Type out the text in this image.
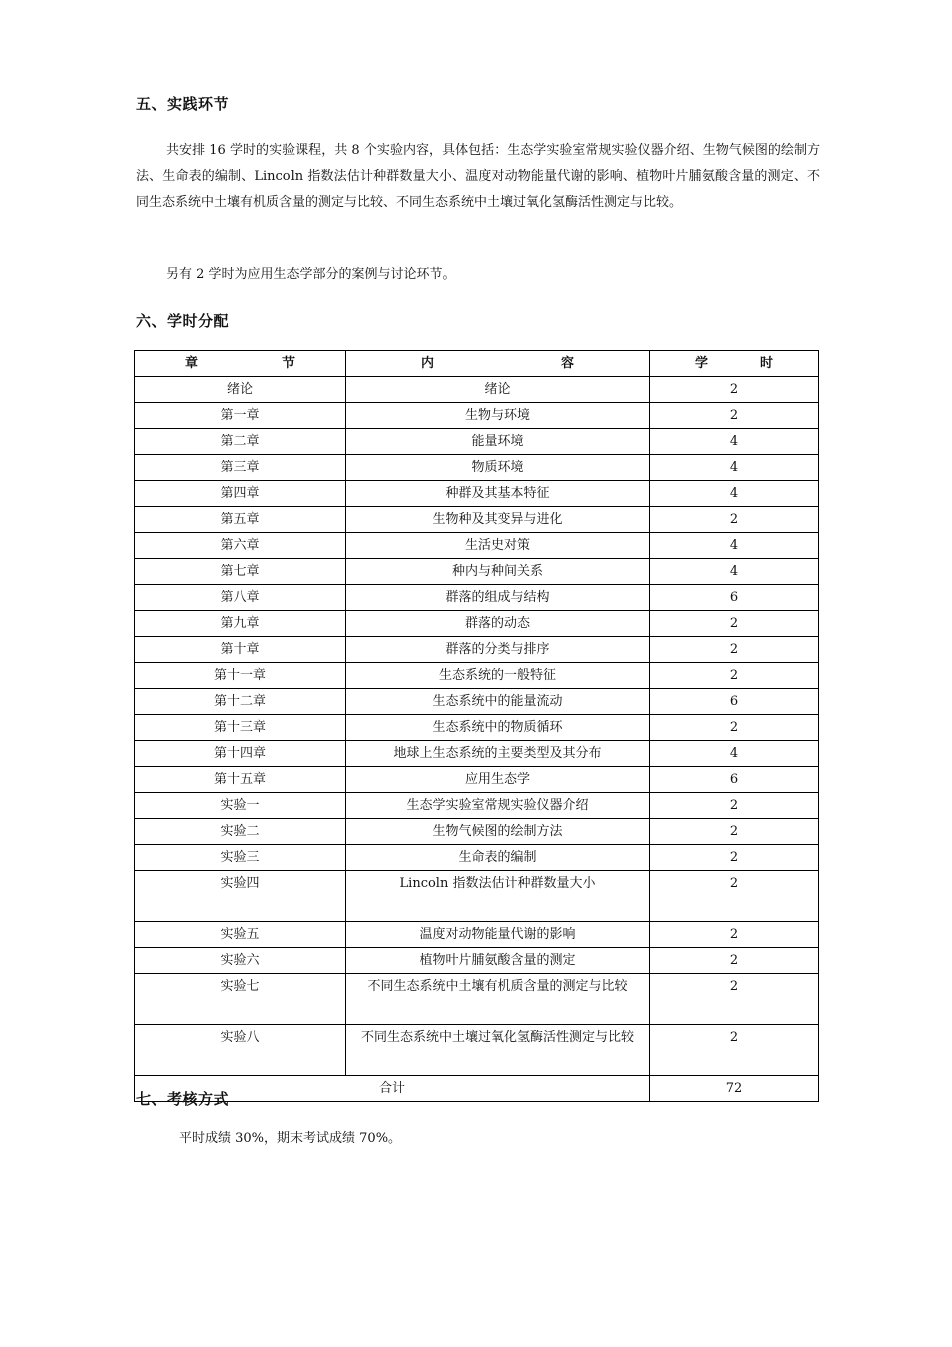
五、实践环节

共安排 16 学时的实验课程，共 8 个实验内容，具体包括：生态学实验室常规实验仪器介绍、生物气候图的绘制方法、生命表的编制、Lincoln 指数法估计种群数量大小、温度对动物能量代谢的影响、植物叶片脯氨酸含量的测定、不同生态系统中土壤有机质含量的测定与比较、不同生态系统中土壤过氧化氢酶活性测定与比较。

另有 2 学时为应用生态学部分的案例与讨论环节。

六、学时分配
章 节	内 容	学 时

绪论	绪论	2
第一章	生物与环境	2
第二章	能量环境	4
第三章	物质环境	4
第四章	种群及其基本特征	4
第五章	生物种及其变异与进化	2
第六章	生活史对策	4
第七章	种内与种间关系	4
第八章	群落的组成与结构	6
第九章	群落的动态	2
第十章	群落的分类与排序	2
第十一章	生态系统的一般特征	2
第十二章	生态系统中的能量流动	6
第十三章	生态系统中的物质循环	2
第十四章	地球上生态系统的主要类型及其分布	4
第十五章	应用生态学	6
实验一	生态学实验室常规实验仪器介绍	2
实验二	生物气候图的绘制方法	2
实验三	生命表的编制	2
实验四	Lincoln 指数法估计种群数量大小	2
实验五	温度对动物能量代谢的影响	2
实验六	植物叶片脯氨酸含量的测定	2
实验七	不同生态系统中土壤有机质含量的测定与比较	2
实验八	不同生态系统中土壤过氧化氢酶活性测定与比较	2
合计		72
七、考核方式

平时成绩 30%，期末考试成绩 70%。
